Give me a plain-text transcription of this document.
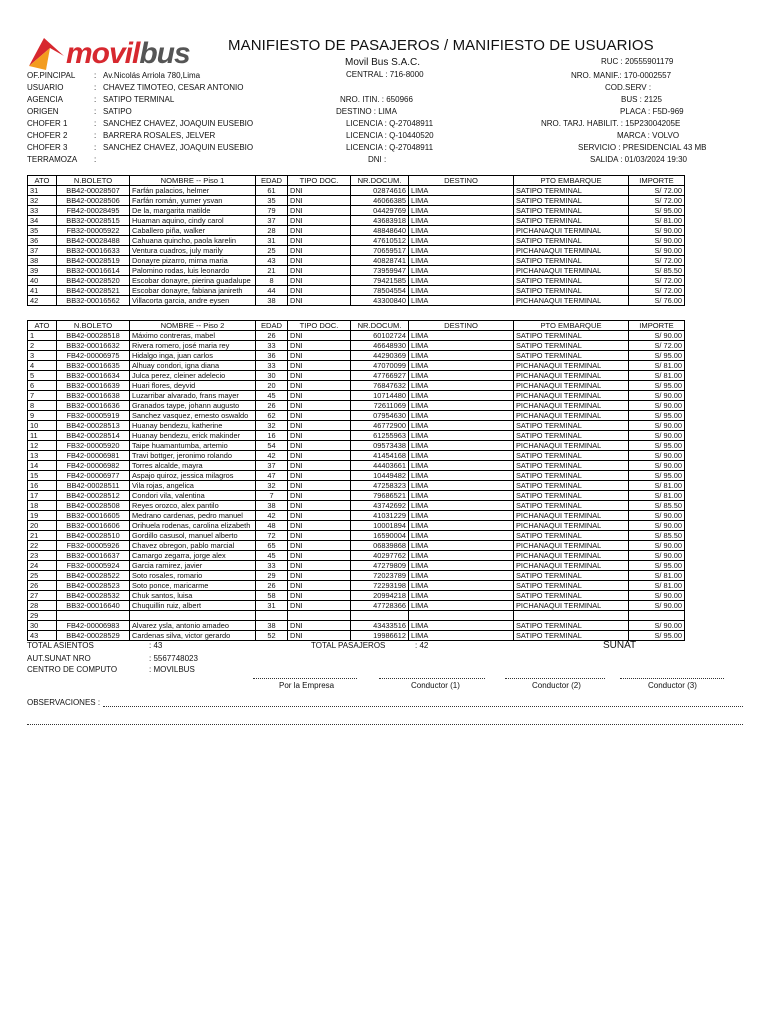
movilbus	MANIFIESTO DE PASAJEROS / MANIFIESTO DE USUARIOS
Movil Bus S.A.C.
OF.PINCIPAL : Av.Nicolás Arriola 780,Lima
USUARIO	: CHAVEZ TIMOTEO, CESAR ANTONIO
AGENCIA	: SATIPO TERMINAL
ORIGEN	: SATIPO
CHOFER 1	: SANCHEZ CHAVEZ, JOAQUIN EUSEBIO
CHOFER 2	: BARRERA ROSALES, JELVER
CHOFER 3	: SANCHEZ CHAVEZ, JOAQUIN EUSEBIO
TERRAMOZA :
CENTRAL : 716-8000
NRO. ITIN. : 650966
DESTINO : LIMA
LICENCIA : Q-27048911
LICENCIA : Q-10440520
LICENCIA : Q-27048911
DNI :
RUC : 20555901179
NRO. MANIF.: 170-0002557
COD.SERV :
BUS : 2125
PLACA : F5D-969
NRO. TARJ. HABILIT. : 15P23004205E
MARCA : VOLVO
SERVICIO : PRESIDENCIAL 43 MB
SALIDA : 01/03/2024 19:30
ATO	N.BOLETO	NOMBRE -- Piso 1	EDAD	TIPO DOC.	NR.DOCUM.	DESTINO	PTO EMBARQUE	IMPORTE
31	BB42-00028507	Farfán palacios, helmer	61	DNI	02874616	LIMA	SATIPO TERMINAL	S/ 72.00
32	BB42-00028506	Farfán román, yumer ysvan	35	DNI	46066385	LIMA	SATIPO TERMINAL	S/ 72.00
33	FB42-00028495	De la, margarita matilde	79	DNI	04429769	LIMA	SATIPO TERMINAL	S/ 95.00
34	BB32-00028515	Huaman aquino, cindy carol	37	DNI	43683918	LIMA	SATIPO TERMINAL	S/ 81.00
35	FB32-00005922	Caballero piña, walker	28	DNI	48848640	LIMA	PICHANAQUI TERMINAL	S/ 90.00
36	BB42-00028488	Cahuana quincho, paola karelin	31	DNI	47610512	LIMA	SATIPO TERMINAL	S/ 90.00
37	BB32-00016633	Ventura cuadros, july marily	25	DNI	70659517	LIMA	PICHANAQUI TERMINAL	S/ 90.00
38	BB42-00028519	Donayre pizarro, mirna maria	43	DNI	40828741	LIMA	SATIPO TERMINAL	S/ 72.00
39	BB32-00016614	Palomino rodas, luis leonardo	21	DNI	73959947	LIMA	PICHANAQUI TERMINAL	S/ 85.50
40	BB42-00028520	Escobar donayre, pierina guadalupe	8	DNI	79421585	LIMA	SATIPO TERMINAL	S/ 72.00
41	BB42-00028521	Escobar donayre, fabiana janireth	44	DNI	78504554	LIMA	SATIPO TERMINAL	S/ 72.00
42	BB32-00016562	Villacorta garcia, andre eysen	38	DNI	43300840	LIMA	PICHANAQUI TERMINAL	S/ 76.00
ATO	N.BOLETO	NOMBRE -- Piso 2	EDAD	TIPO DOC.	NR.DOCUM.	DESTINO	PTO EMBARQUE	IMPORTE
1	BB42-00028518	Máximo contreras, mabel	26	DNI	60102724	LIMA	SATIPO TERMINAL	S/ 90.00
2	BB32-00016632	Rivera romero, josé maria rey	33	DNI	46648930	LIMA	SATIPO TERMINAL	S/ 72.00
3	FB42-00006975	Hidalgo inga, juan carlos	36	DNI	44290369	LIMA	SATIPO TERMINAL	S/ 95.00
4	BB32-00016635	Alhuay condori, igna diana	33	DNI	47070099	LIMA	PICHANAQUI TERMINAL	S/ 81.00
5	BB32-00016634	Julca perez, cleiner adelecio	30	DNI	47766927	LIMA	PICHANAQUI TERMINAL	S/ 81.00
6	BB32-00016639	Huari flores, deyvid	20	DNI	76847632	LIMA	PICHANAQUI TERMINAL	S/ 95.00
7	BB32-00016638	Luzarribar alvarado, frans mayer	45	DNI	10714480	LIMA	PICHANAQUI TERMINAL	S/ 90.00
8	BB32-00016636	Granados taype, johann augusto	26	DNI	72611069	LIMA	PICHANAQUI TERMINAL	S/ 90.00
9	FB32-00005919	Sanchez vasquez, ernesto oswaldo	62	DNI	07954630	LIMA	PICHANAQUI TERMINAL	S/ 95.00
10	BB42-00028513	Huanay bendezu, katherine	32	DNI	46772900	LIMA	SATIPO TERMINAL	S/ 90.00
11	BB42-00028514	Huanay bendezu, erick makinder	16	DNI	61255963	LIMA	SATIPO TERMINAL	S/ 90.00
12	FB32-00005920	Taipe huamantumba, artemio	54	DNI	09573438	LIMA	PICHANAQUI TERMINAL	S/ 95.00
13	FB42-00006981	Travi bottger, jeronimo rolando	42	DNI	41454168	LIMA	SATIPO TERMINAL	S/ 90.00
14	FB42-00006982	Torres alcalde, mayra	37	DNI	44403661	LIMA	SATIPO TERMINAL	S/ 90.00
15	FB42-00006977	Aspajo quiroz, jessica milagros	47	DNI	10449482	LIMA	SATIPO TERMINAL	S/ 95.00
16	BB42-00028511	Vila rojas, angelica	32	DNI	47258323	LIMA	SATIPO TERMINAL	S/ 81.00
17	BB42-00028512	Condori vila, valentina	7	DNI	79686521	LIMA	SATIPO TERMINAL	S/ 81.00
18	BB42-00028508	Reyes orozco, alex pantilo	38	DNI	43742692	LIMA	SATIPO TERMINAL	S/ 85.50
19	BB32-00016605	Medrano cardenas, pedro manuel	42	DNI	41031229	LIMA	PICHANAQUI TERMINAL	S/ 90.00
20	BB32-00016606	Orihuela rodenas, carolina elizabeth	48	DNI	10001894	LIMA	PICHANAQUI TERMINAL	S/ 90.00
21	BB42-00028510	Gordillo casusol, manuel alberto	72	DNI	16590004	LIMA	SATIPO TERMINAL	S/ 85.50
22	FB32-00005926	Chavez obregon, pablo marcial	65	DNI	06839868	LIMA	PICHANAQUI TERMINAL	S/ 90.00
23	BB32-00016637	Camargo zegarra, jorge alex	45	DNI	40297762	LIMA	PICHANAQUI TERMINAL	S/ 90.00
24	FB32-00005924	Garcia ramirez, javier	33	DNI	47279809	LIMA	PICHANAQUI TERMINAL	S/ 95.00
25	BB42-00028522	Soto rosales, romario	29	DNI	72023789	LIMA	SATIPO TERMINAL	S/ 81.00
26	BB42-00028523	Soto ponce, maricarme	26	DNI	72293198	LIMA	SATIPO TERMINAL	S/ 81.00
27	BB42-00028532	Chuk santos, luisa	58	DNI	20994218	LIMA	SATIPO TERMINAL	S/ 90.00
28	BB32-00016640	Chuquillin ruiz, albert	31	DNI	47728366	LIMA	PICHANAQUI TERMINAL	S/ 90.00
29								
30	FB42-00006983	Alvarez ysla, antonio amadeo	38	DNI	43433516	LIMA	SATIPO TERMINAL	S/ 90.00
43	BB42-00028529	Cardenas silva, victor gerardo	52	DNI	19986612	LIMA	SATIPO TERMINAL	S/ 95.00
TOTAL ASIENTOS	: 43	TOTAL PASAJEROS	: 42	SUNAT
AUT.SUNAT NRO	: 5567748023
CENTRO DE COMPUTO	: MOVILBUS
Por la Empresa	Conductor (1)	Conductor (2)	Conductor (3)
OBSERVACIONES :
